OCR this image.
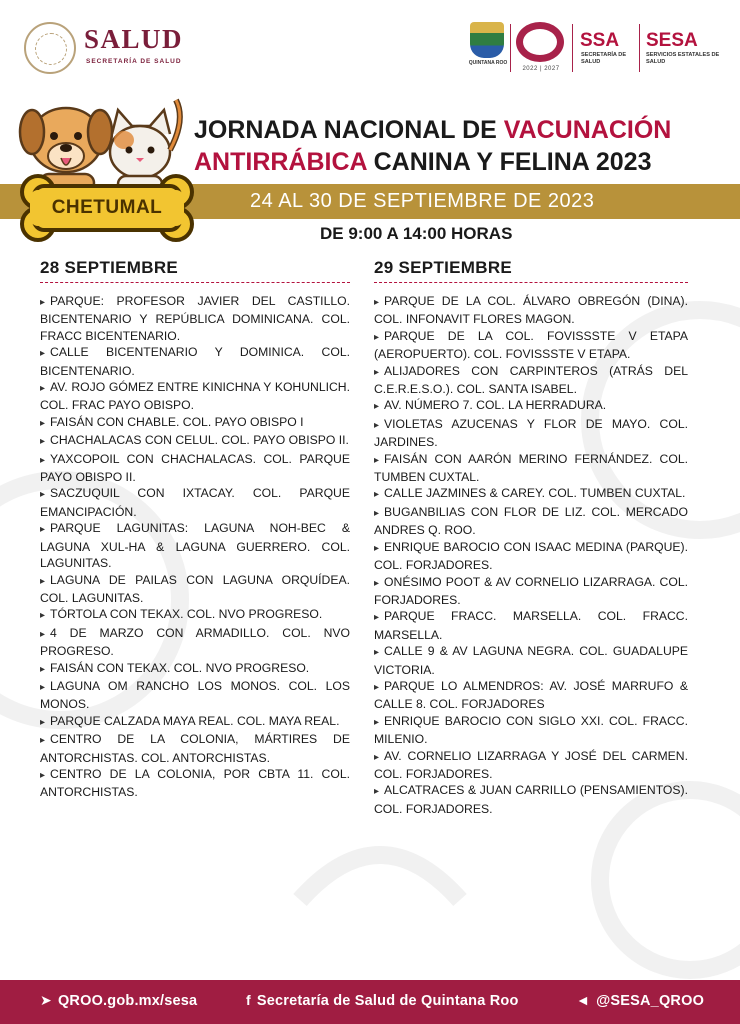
SALUD
SECRETARÍA DE SALUD	QUINTANA ROO
2022 | 2027
SSA
SECRETARÍA DE SALUD
SESA
SERVICIOS ESTATALES DE SALUD
JORNADA NACIONAL DE VACUNACIÓN
ANTIRRÁBICA CANINA Y FELINA 2023
24 AL 30 DE SEPTIEMBRE DE 2023
CHETUMAL
DE 9:00 A 14:00 HORAS
28 SEPTIEMBRE
▸ PARQUE: PROFESOR JAVIER DEL CASTILLO. BICENTENARIO Y REPÚBLICA DOMINICANA. COL. FRACC BICENTENARIO.
▸ CALLE BICENTENARIO Y DOMINICA. COL. BICENTENARIO.
▸ AV. ROJO GÓMEZ ENTRE KINICHNA Y KOHUNLICH. COL. FRAC PAYO OBISPO.
▸ FAISÁN CON CHABLE. COL. PAYO OBISPO I
▸ CHACHALACAS CON CELUL. COL. PAYO OBISPO II.
▸ YAXCOPOIL CON CHACHALACAS. COL. PARQUE PAYO OBISPO II.
▸ SACZUQUIL CON IXTACAY. COL. PARQUE EMANCIPACIÓN.
▸ PARQUE LAGUNITAS: LAGUNA NOH-BEC & LAGUNA XUL-HA & LAGUNA GUERRERO. COL. LAGUNITAS.
▸ LAGUNA DE PAILAS CON LAGUNA ORQUÍDEA. COL. LAGUNITAS.
▸ TÓRTOLA CON TEKAX. COL. NVO PROGRESO.
▸ 4 DE MARZO CON ARMADILLO. COL. NVO PROGRESO.
▸ FAISÁN CON TEKAX. COL. NVO PROGRESO.
▸ LAGUNA OM RANCHO LOS MONOS. COL. LOS MONOS.
▸ PARQUE CALZADA MAYA REAL. COL. MAYA REAL.
▸ CENTRO DE LA COLONIA, MÁRTIRES DE ANTORCHISTAS. COL. ANTORCHISTAS.
▸ CENTRO DE LA COLONIA, POR CBTA 11. COL. ANTORCHISTAS.
29 SEPTIEMBRE
▸ PARQUE DE LA COL. ÁLVARO OBREGÓN (DINA). COL. INFONAVIT FLORES MAGON.
▸ PARQUE DE LA COL. FOVISSSTE V ETAPA (AEROPUERTO). COL. FOVISSSTE V ETAPA.
▸ ALIJADORES CON CARPINTEROS (ATRÁS DEL C.E.R.E.S.O.). COL. SANTA ISABEL.
▸ AV. NÚMERO 7. COL. LA HERRADURA.
▸ VIOLETAS AZUCENAS Y FLOR DE MAYO. COL. JARDINES.
▸ FAISÁN CON AARÓN MERINO FERNÁNDEZ. COL. TUMBEN CUXTAL.
▸ CALLE JAZMINES & CAREY. COL. TUMBEN CUXTAL.
▸ BUGANBILIAS CON FLOR DE LIZ. COL. MERCADO ANDRES Q. ROO.
▸ ENRIQUE BAROCIO CON ISAAC MEDINA (PARQUE). COL. FORJADORES.
▸ ONÉSIMO POOT & AV CORNELIO LIZARRAGA. COL. FORJADORES.
▸ PARQUE FRACC. MARSELLA. COL. FRACC. MARSELLA.
▸ CALLE 9 & AV LAGUNA NEGRA. COL. GUADALUPE VICTORIA.
▸ PARQUE LO ALMENDROS: AV. JOSÉ MARRUFO & CALLE 8. COL. FORJADORES
▸ ENRIQUE BAROCIO CON SIGLO XXI. COL. FRACC. MILENIO.
▸ AV. CORNELIO LIZARRAGA Y JOSÉ DEL CARMEN. COL. FORJADORES.
▸ ALCATRACES & JUAN CARRILLO (PENSAMIENTOS). COL. FORJADORES.
➤ QROO.gob.mx/sesa	f Secretaría de Salud de Quintana Roo	◄ @SESA_QROO
